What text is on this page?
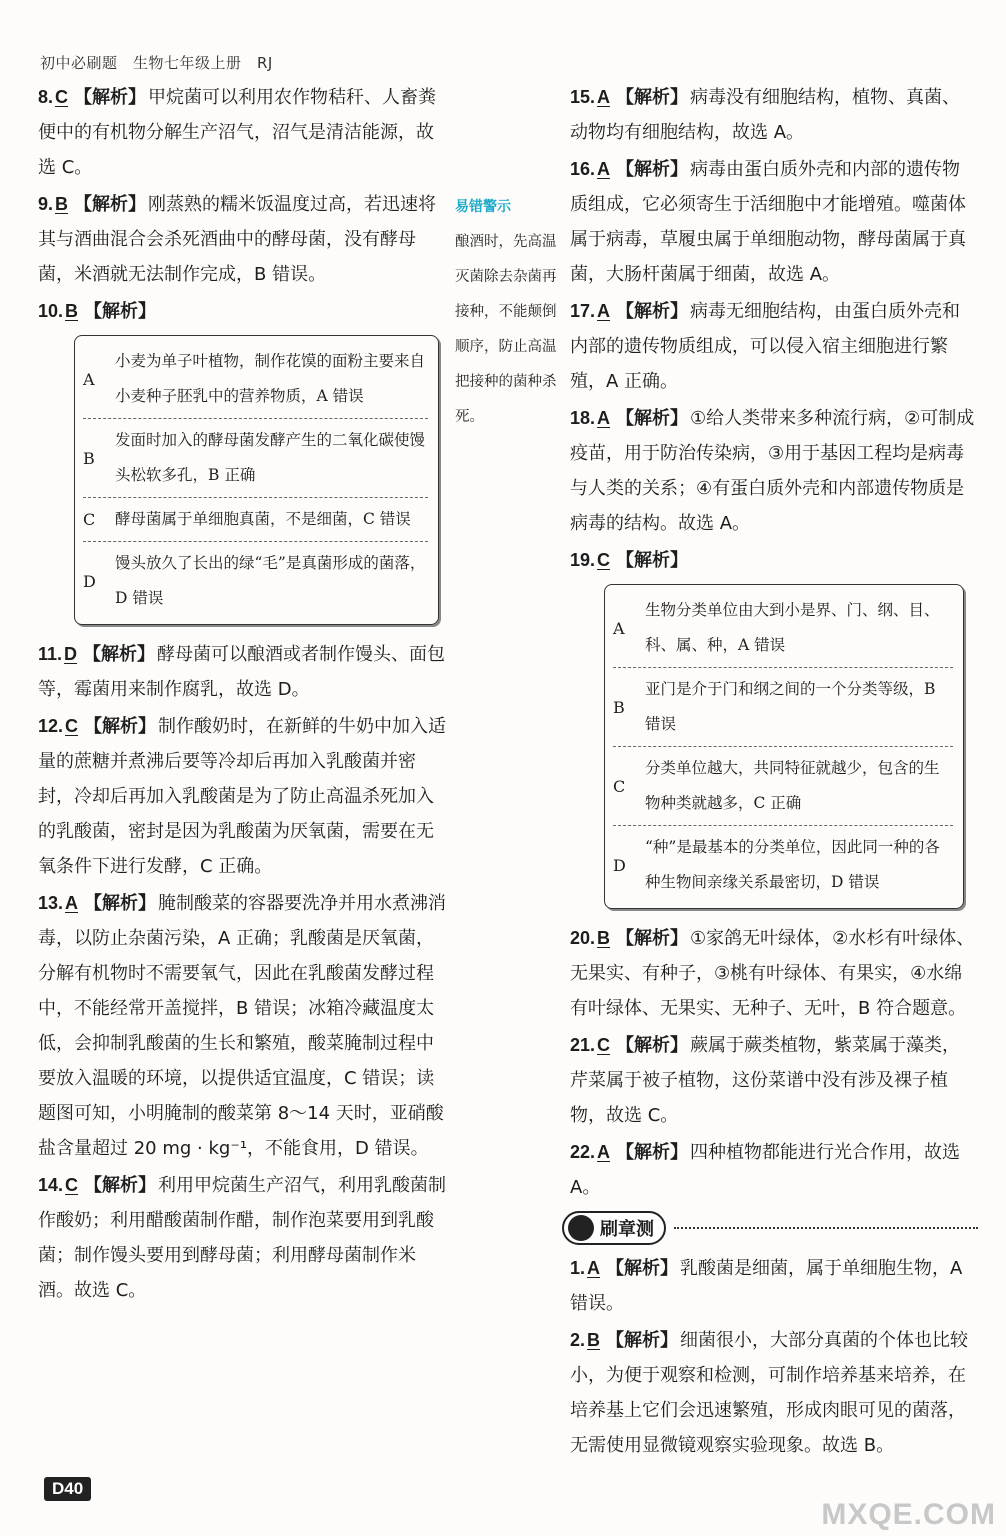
初中必刷题　生物七年级上册　RJ
8. C 【解析】 甲烷菌可以利用农作物秸秆、人畜粪便中的有机物分解生产沼气，沼气是清洁能源，故选 C。
9. B 【解析】 刚蒸熟的糯米饭温度过高，若迅速将其与酒曲混合会杀死酒曲中的酵母菌，没有酵母菌，米酒就无法制作完成，B 错误。
10. B 【解析】
A
小麦为单子叶植物，制作花馍的面粉主要来自小麦种子胚乳中的营养物质，A 错误
B
发面时加入的酵母菌发酵产生的二氧化碳使馒头松软多孔，B 正确
C	酵母菌属于单细胞真菌，不是细菌，C 错误
D
馒头放久了长出的绿“毛”是真菌形成的菌落，D 错误
11. D 【解析】 酵母菌可以酿酒或者制作馒头、面包等，霉菌用来制作腐乳，故选 D。
12. C 【解析】 制作酸奶时，在新鲜的牛奶中加入适量的蔗糖并煮沸后要等冷却后再加入乳酸菌并密封，冷却后再加入乳酸菌是为了防止高温杀死加入的乳酸菌，密封是因为乳酸菌为厌氧菌，需要在无氧条件下进行发酵，C 正确。
13. A 【解析】 腌制酸菜的容器要洗净并用水煮沸消毒，以防止杂菌污染，A 正确；乳酸菌是厌氧菌，分解有机物时不需要氧气，因此在乳酸菌发酵过程中，不能经常开盖搅拌，B 错误；冰箱冷藏温度太低，会抑制乳酸菌的生长和繁殖，酸菜腌制过程中要放入温暖的环境，以提供适宜温度，C 错误；读题图可知，小明腌制的酸菜第 8～14 天时，亚硝酸盐含量超过 20 mg · kg⁻¹，不能食用，D 错误。
14. C 【解析】 利用甲烷菌生产沼气，利用乳酸菌制作酸奶；利用醋酸菌制作醋，制作泡菜要用到乳酸菌；制作馒头要用到酵母菌；利用酵母菌制作米酒。故选 C。
易错警示
酿酒时，先高温灭菌除去杂菌再接种，不能颠倒顺序，防止高温把接种的菌种杀死。
15. A 【解析】 病毒没有细胞结构，植物、真菌、动物均有细胞结构，故选 A。
16. A 【解析】 病毒由蛋白质外壳和内部的遗传物质组成，它必须寄生于活细胞中才能增殖。噬菌体属于病毒，草履虫属于单细胞动物，酵母菌属于真菌，大肠杆菌属于细菌，故选 A。
17. A 【解析】 病毒无细胞结构，由蛋白质外壳和内部的遗传物质组成，可以侵入宿主细胞进行繁殖，A 正确。
18. A 【解析】 ①给人类带来多种流行病，②可制成疫苗，用于防治传染病，③用于基因工程均是病毒与人类的关系；④有蛋白质外壳和内部遗传物质是病毒的结构。故选 A。
19. C 【解析】
A
生物分类单位由大到小是界、门、纲、目、科、属、种，A 错误
B
亚门是介于门和纲之间的一个分类等级，B 错误
C
分类单位越大，共同特征就越少，包含的生物种类就越多，C 正确
D
“种”是最基本的分类单位，因此同一种的各种生物间亲缘关系最密切，D 错误
20. B 【解析】 ①家鸽无叶绿体，②水杉有叶绿体、无果实、有种子，③桃有叶绿体、有果实，④水绵有叶绿体、无果实、无种子、无叶，B 符合题意。
21. C 【解析】 蕨属于蕨类植物，紫菜属于藻类，芹菜属于被子植物，这份菜谱中没有涉及裸子植物，故选 C。
22. A 【解析】 四种植物都能进行光合作用，故选 A。
刷章测
1. A 【解析】 乳酸菌是细菌，属于单细胞生物，A 错误。
2. B 【解析】 细菌很小，大部分真菌的个体也比较小，为便于观察和检测，可制作培养基来培养，在培养基上它们会迅速繁殖，形成肉眼可见的菌落，无需使用显微镜观察实验现象。故选 B。
D40
MXQE.COM
